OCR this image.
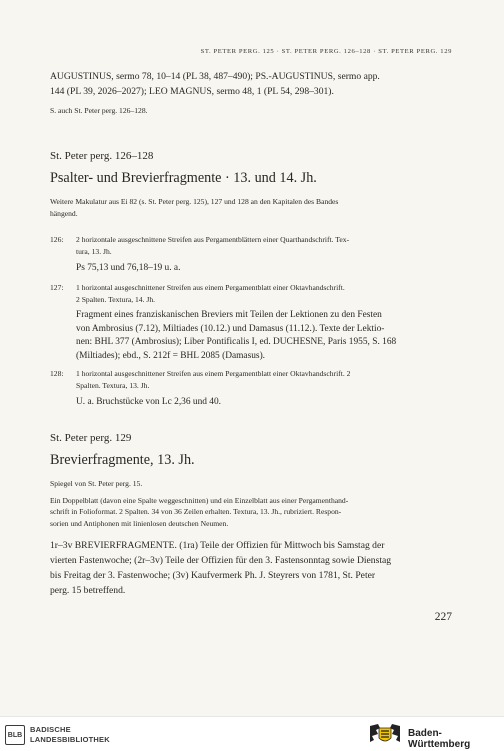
ST. PETER PERG. 125 · ST. PETER PERG. 126–128 · ST. PETER PERG. 129

AUGUSTINUS, sermo 78, 10–14 (PL 38, 487–490); PS.-AUGUSTINUS, sermo app.

144 (PL 39, 2026–2027); LEO MAGNUS, sermo 48, 1 (PL 54, 298–301).

S. auch St. Peter perg. 126–128.

St. Peter perg. 126–128

Psalter- und Brevierfragmente · 13. und 14. Jh.

Weitere Makulatur aus Ei 82 (s. St. Peter perg. 125), 127 und 128 an den Kapitalen des Bandes

hängend.

126: 2 horizontale ausgeschnittene Streifen aus Pergamentblättern einer Quarthandschrift. Tex-

tura, 13. Jh.

Ps 75,13 und 76,18–19 u. a.

127: 1 horizontal ausgeschnittener Streifen aus einem Pergamentblatt einer Oktavhandschrift.

2 Spalten. Textura, 14. Jh.

Fragment eines franziskanischen Breviers mit Teilen der Lektionen zu den Festen

von Ambrosius (7.12), Miltiades (10.12.) und Damasus (11.12.). Texte der Lektio-

nen: BHL 377 (Ambrosius); Liber Pontificalis I, ed. DUCHESNE, Paris 1955, S. 168

(Miltiades); ebd., S. 212f = BHL 2085 (Damasus).

128: 1 horizontal ausgeschnittener Streifen aus einem Pergamentblatt einer Oktavhandschrift. 2

Spalten. Textura, 13. Jh.

U. a. Bruchstücke von Lc 2,36 und 40.

St. Peter perg. 129

Brevierfragmente, 13. Jh.

Spiegel von St. Peter perg. 15.

Ein Doppelblatt (davon eine Spalte weggeschnitten) und ein Einzelblatt aus einer Pergamenthand-

schrift in Folioformat. 2 Spalten. 34 von 36 Zeilen erhalten. Textura, 13. Jh., rubriziert. Respon-

sorien und Antiphonen mit linienlosen deutschen Neumen.

1r–3v BREVIERFRAGMENTE. (1ra) Teile der Offizien für Mittwoch bis Samstag der

vierten Fastenwoche; (2r–3v) Teile der Offizien für den 3. Fastensonntag sowie Dienstag

bis Freitag der 3. Fastenwoche; (3v) Kaufvermerk Ph. J. Steyrers von 1781, St. Peter

perg. 15 betreffend.

227
BLB
BADISCHE
LANDESBIBLIOTHEK	Baden-Württemberg
